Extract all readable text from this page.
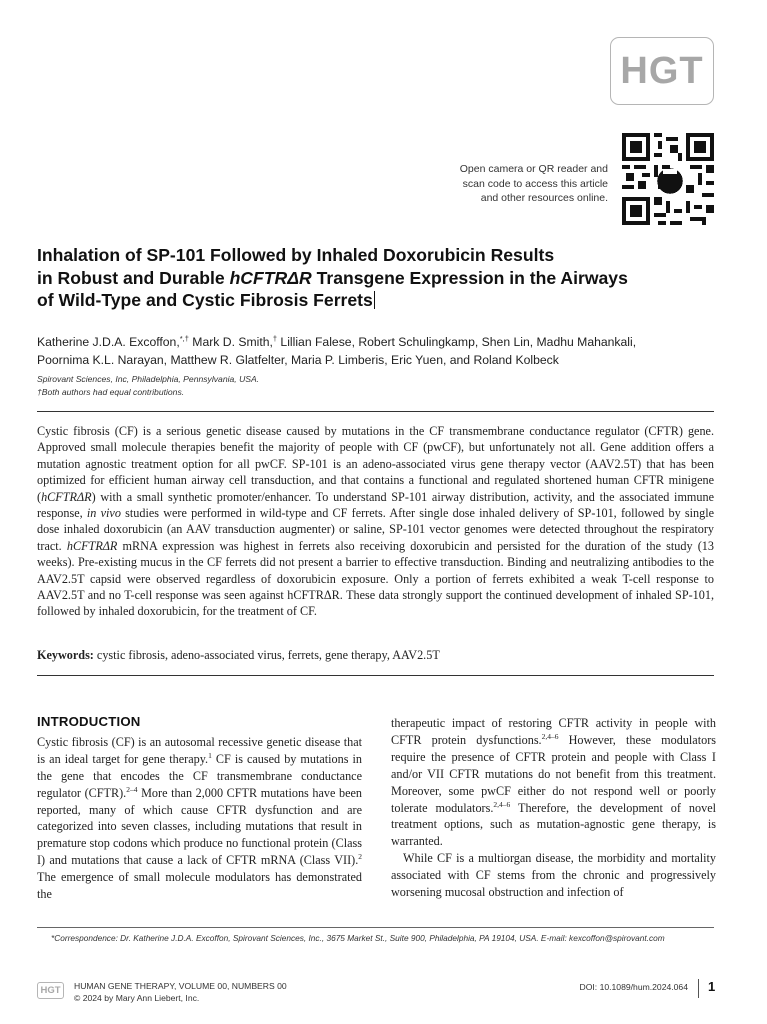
HGT
Open camera or QR reader and
scan code to access this article
and other resources online.
Inhalation of SP-101 Followed by Inhaled Doxorubicin Results
in Robust and Durable hCFTRΔR Transgene Expression in the Airways
of Wild-Type and Cystic Fibrosis Ferrets
Katherine J.D.A. Excoffon,*,† Mark D. Smith,† Lillian Falese, Robert Schulingkamp, Shen Lin, Madhu Mahankali,
Poornima K.L. Narayan, Matthew R. Glatfelter, Maria P. Limberis, Eric Yuen, and Roland Kolbeck
Spirovant Sciences, Inc, Philadelphia, Pennsylvania, USA.
†Both authors had equal contributions.
Cystic fibrosis (CF) is a serious genetic disease caused by mutations in the CF transmembrane conductance regulator (CFTR) gene. Approved small molecule therapies benefit the majority of people with CF (pwCF), but unfortunately not all. Gene addition offers a mutation agnostic treatment option for all pwCF. SP-101 is an adeno-associated virus gene therapy vector (AAV2.5T) that has been optimized for efficient human airway cell transduction, and that contains a functional and regulated shortened human CFTR minigene (hCFTRΔR) with a small synthetic promoter/enhancer. To understand SP-101 airway distribution, activity, and the associated immune response, in vivo studies were performed in wild-type and CF ferrets. After single dose inhaled delivery of SP-101, followed by single dose inhaled doxorubicin (an AAV transduction augmenter) or saline, SP-101 vector genomes were detected throughout the respiratory tract. hCFTRΔR mRNA expression was highest in ferrets also receiving doxorubicin and persisted for the duration of the study (13 weeks). Pre-existing mucus in the CF ferrets did not present a barrier to effective transduction. Binding and neutralizing antibodies to the AAV2.5T capsid were observed regardless of doxorubicin exposure. Only a portion of ferrets exhibited a weak T-cell response to AAV2.5T and no T-cell response was seen against hCFTRΔR. These data strongly support the continued development of inhaled SP-101, followed by inhaled doxorubicin, for the treatment of CF.
Keywords: cystic fibrosis, adeno-associated virus, ferrets, gene therapy, AAV2.5T
INTRODUCTION

Cystic fibrosis (CF) is an autosomal recessive genetic disease that is an ideal target for gene therapy.$^1$ CF is caused by mutations in the gene that encodes the CF transmembrane conductance regulator (CFTR).$^{2-4}$ More than 2,000 CFTR mutations have been reported, many of which cause CFTR dysfunction and are categorized into seven classes, including mutations that result in premature stop codons which produce no functional protein (Class I) and mutations that cause a lack of CFTR mRNA (Class VII).$^2$ The emergence of small molecule modulators has demonstrated the

therapeutic impact of restoring CFTR activity in people with CFTR protein dysfunctions.$^{2,4-6}$ However, these modulators require the presence of CFTR protein and people with Class I and/or VII CFTR mutations do not benefit from this treatment. Moreover, some pwCF either do not respond well or poorly tolerate modulators.$^{2,4-6}$ Therefore, the development of novel treatment options, such as mutation-agnostic gene therapy, is warranted.

While CF is a multiorgan disease, the morbidity and mortality associated with CF stems from the chronic and progressively worsening mucosal obstruction and infection of

*Correspondence: Dr. Katherine J.D.A. Excoffon, Spirovant Sciences, Inc., 3675 Market St., Suite 900, Philadelphia, PA 19104, USA. E-mail: kexcoffon@spirovant.com
HGT	HUMAN GENE THERAPY, VOLUME 00, NUMBERS 00
© 2024 by Mary Ann Liebert, Inc.
DOI: 10.1089/hum.2024.064 1
